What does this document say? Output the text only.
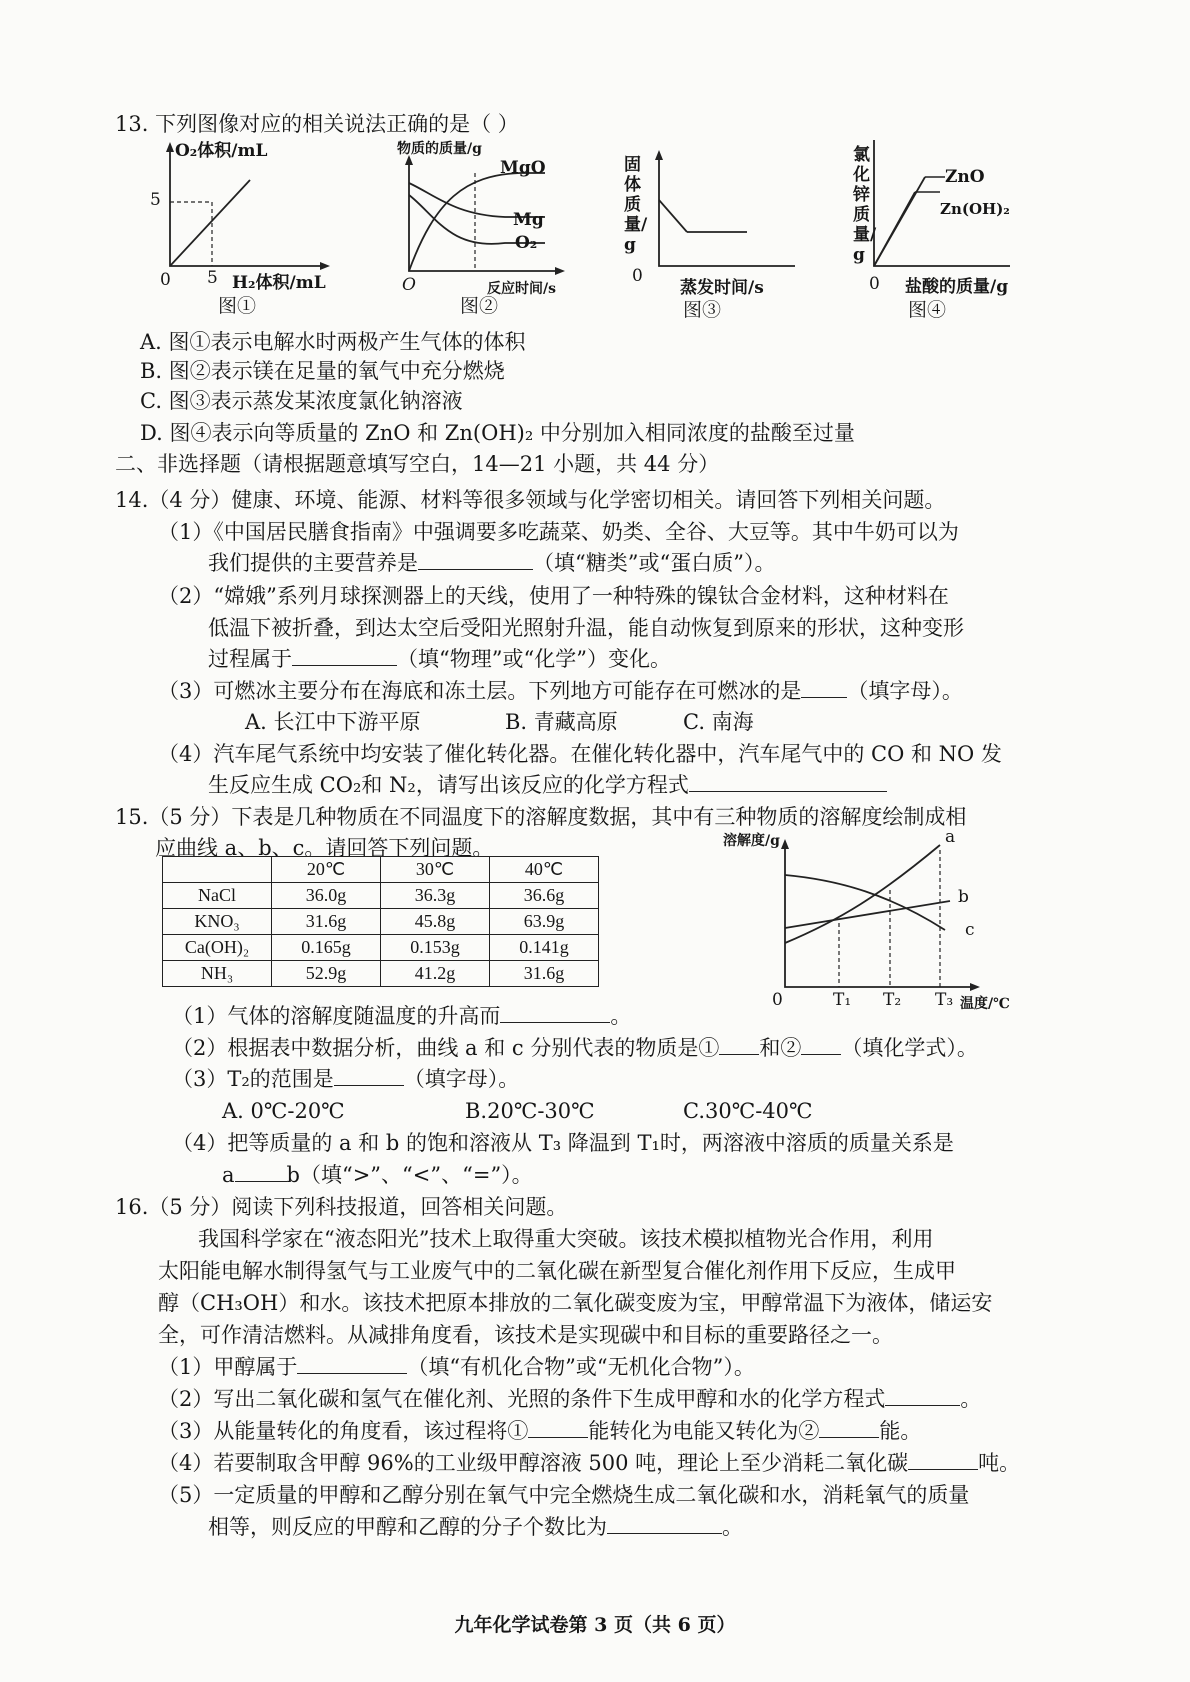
13. 下列图像对应的相关说法正确的是（ ）
O₂体积/mL
5
0 5 H₂体积/mL
图①
物质的质量/g
MgO
Mg
O₂
O	反应时间/s
图②
固体质量/g
0
蒸发时间/s
图③
氯化锌质量/g
ZnO
Zn(OH)₂
0 盐酸的质量/g
图④
A. 图①表示电解水时两极产生气体的体积
B. 图②表示镁在足量的氧气中充分燃烧
C. 图③表示蒸发某浓度氯化钠溶液
D. 图④表示向等质量的 ZnO 和 Zn(OH)₂ 中分别加入相同浓度的盐酸至过量
二、非选择题（请根据题意填写空白，14—21 小题，共 44 分）
14.（4 分）健康、环境、能源、材料等很多领域与化学密切相关。请回答下列相关问题。
（1）《中国居民膳食指南》中强调要多吃蔬菜、奶类、全谷、大豆等。其中牛奶可以为
我们提供的主要营养是	（填“糖类”或“蛋白质”）。
（2）“嫦娥”系列月球探测器上的天线，使用了一种特殊的镍钛合金材料，这种材料在
低温下被折叠，到达太空后受阳光照射升温，能自动恢复到原来的形状，这种变形
过程属于	（填“物理”或“化学”）变化。
（3）可燃冰主要分布在海底和冻土层。下列地方可能存在可燃冰的是 （填字母）。
A. 长江中下游平原	B. 青藏高原	C. 南海
（4）汽车尾气系统中均安装了催化转化器。在催化转化器中，汽车尾气中的 CO 和 NO 发
生反应生成 CO₂和 N₂，请写出该反应的化学方程式
15.（5 分）下表是几种物质在不同温度下的溶解度数据，其中有三种物质的溶解度绘制成相
应曲线 a、b、c。请回答下列问题。
	20℃	30℃	40℃
NaCl	36.0g	36.3g	36.6g
KNO₃	31.6g	45.8g	63.9g
Ca(OH)₂	0.165g	0.153g	0.141g
NH₃	52.9g	41.2g	31.6g
溶解度/g	a
b
c
0	T₁ T₂ T₃ 温度/℃
（1）气体的溶解度随温度的升高而	。
（2）根据表中数据分析，曲线 a 和 c 分别代表的物质是① 和② （填化学式）。
（3）T₂的范围是	（填字母）。
A. 0℃-20℃	B.20℃-30℃	C.30℃-40℃
（4）把等质量的 a 和 b 的饱和溶液从 T₃ 降温到 T₁时，两溶液中溶质的质量关系是
a b（填“>”、“<”、“=”）。
16.（5 分）阅读下列科技报道，回答相关问题。
我国科学家在“液态阳光”技术上取得重大突破。该技术模拟植物光合作用，利用
太阳能电解水制得氢气与工业废气中的二氧化碳在新型复合催化剂作用下反应，生成甲
醇（CH₃OH）和水。该技术把原本排放的二氧化碳变废为宝，甲醇常温下为液体，储运安
全，可作清洁燃料。从减排角度看，该技术是实现碳中和目标的重要路径之一。
（1）甲醇属于	（填“有机化合物”或“无机化合物”）。
（2）写出二氧化碳和氢气在催化剂、光照的条件下生成甲醇和水的化学方程式	。
（3）从能量转化的角度看，该过程将①	能转化为电能又转化为②	能。
（4）若要制取含甲醇 96%的工业级甲醇溶液 500 吨，理论上至少消耗二氧化碳	吨。
（5）一定质量的甲醇和乙醇分别在氧气中完全燃烧生成二氧化碳和水，消耗氧气的质量
相等，则反应的甲醇和乙醇的分子个数比为	。
九年化学试卷第 3 页（共 6 页）
